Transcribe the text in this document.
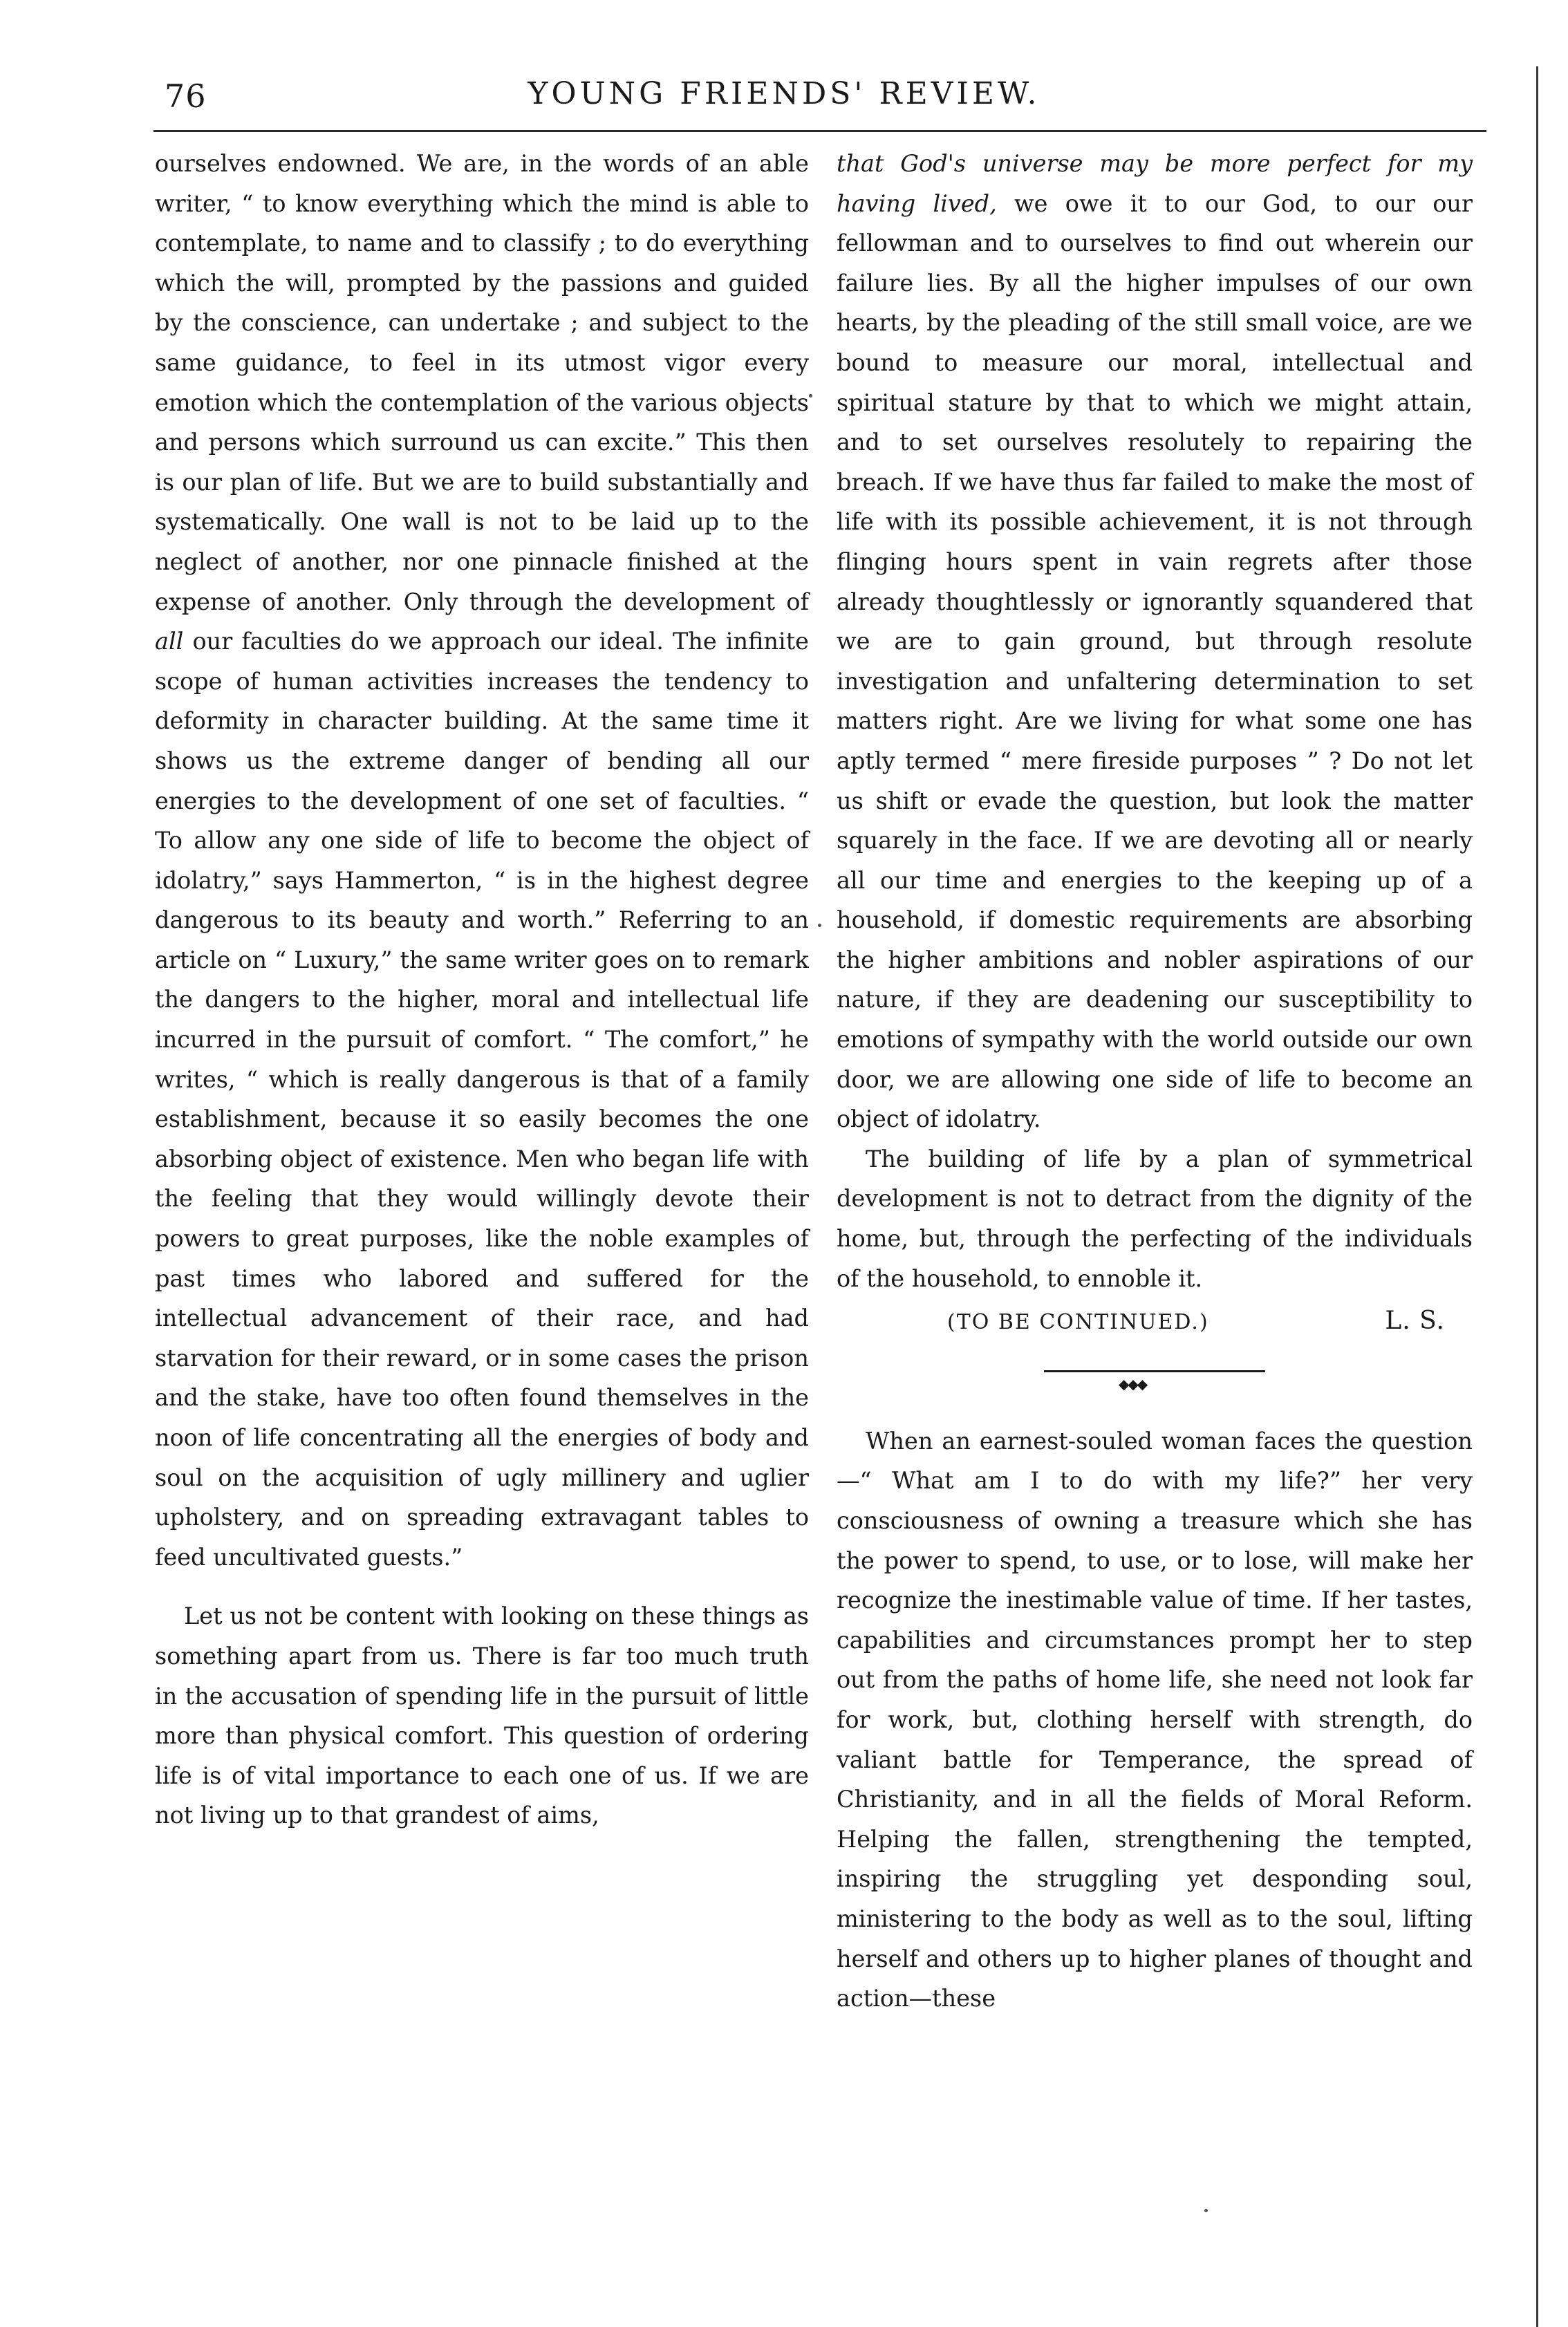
76	YOUNG FRIENDS' REVIEW.

ourselves endowned. We are, in the words of an able writer, “ to know everything which the mind is able to contemplate, to name and to classify ; to do everything which the will, prompted by the passions and guided by the conscience, can undertake ; and subject to the same guidance, to feel in its utmost vigor every emotion which the contemplation of the various objects and persons which surround us can excite.” This then is our plan of life. But we are to build substantially and systematically. One wall is not to be laid up to the neglect of another, nor one pinnacle finished at the expense of another. Only through the development of all our faculties do we approach our ideal. The infinite scope of human activities increases the tendency to deformity in character building. At the same time it shows us the extreme danger of bending all our energies to the development of one set of faculties. “ To allow any one side of life to become the object of idolatry,” says Hammerton, “ is in the highest degree dangerous to its beauty and worth.” Referring to an article on “ Luxury,” the same writer goes on to remark the dangers to the higher, moral and intellectual life incurred in the pursuit of comfort. “ The comfort,” he writes, “ which is really dangerous is that of a family establishment, because it so easily becomes the one absorbing object of existence. Men who began life with the feeling that they would willingly devote their powers to great purposes, like the noble examples of past times who labored and suffered for the intellectual advancement of their race, and had starvation for their reward, or in some cases the prison and the stake, have too often found themselves in the noon of life concentrating all the energies of body and soul on the acquisition of ugly millinery and uglier upholstery, and on spreading extravagant tables to feed uncultivated guests.”

Let us not be content with looking on these things as something apart from us. There is far too much truth in the accusation of spending life in the pursuit of little more than physical comfort. This question of ordering life is of vital importance to each one of us. If we are not living up to that grandest of aims,

that God's universe may be more perfect for my having lived, we owe it to our God, to our our fellowman and to ourselves to find out wherein our failure lies. By all the higher impulses of our own hearts, by the pleading of the still small voice, are we bound to measure our moral, intellectual and spiritual stature by that to which we might attain, and to set ourselves resolutely to repairing the breach. If we have thus far failed to make the most of life with its possible achievement, it is not through flinging hours spent in vain regrets after those already thoughtlessly or ignorantly squandered that we are to gain ground, but through resolute investigation and unfaltering determination to set matters right. Are we living for what some one has aptly termed “ mere fireside purposes ” ? Do not let us shift or evade the question, but look the matter squarely in the face. If we are devoting all or nearly all our time and energies to the keeping up of a household, if domestic requirements are absorbing the higher ambitions and nobler aspirations of our nature, if they are deadening our susceptibility to emotions of sympathy with the world outside our own door, we are allowing one side of life to become an object of idolatry.

The building of life by a plan of symmetrical development is not to detract from the dignity of the home, but, through the perfecting of the individuals of the household, to ennoble it.

(TO BE CONTINUED.)	L. S.
◆◆◆

When an earnest-souled woman faces the question—“ What am I to do with my life?” her very consciousness of owning a treasure which she has the power to spend, to use, or to lose, will make her recognize the inestimable value of time. If her tastes, capabilities and circumstances prompt her to step out from the paths of home life, she need not look far for work, but, clothing herself with strength, do valiant battle for Temperance, the spread of Christianity, and in all the fields of Moral Reform. Helping the fallen, strengthening the tempted, inspiring the struggling yet desponding soul, ministering to the body as well as to the soul, lifting herself and others up to higher planes of thought and action—these
